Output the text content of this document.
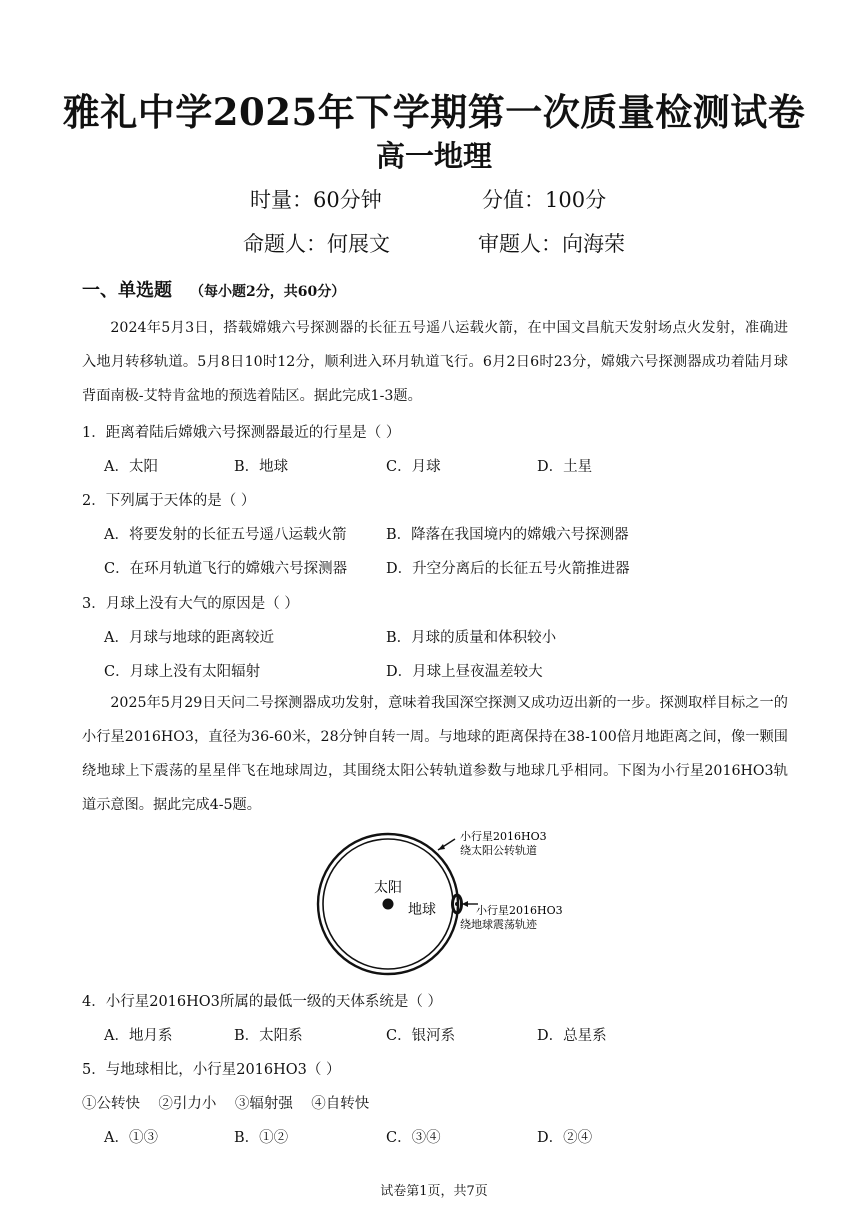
雅礼中学2025年下学期第一次质量检测试卷
高一地理
时量：60分钟	分值：100分
命题人：何展文	审题人：向海荣
一、单选题 （每小题2分，共60分）
2024年5月3日，搭载嫦娥六号探测器的长征五号遥八运载火箭，在中国文昌航天发射场点火发射，准确进入地月转移轨道。5月8日10时12分，顺利进入环月轨道飞行。6月2日6时23分，嫦娥六号探测器成功着陆月球背面南极-艾特肯盆地的预选着陆区。据此完成1-3题。
1．距离着陆后嫦娥六号探测器最近的行星是（ ）
A．太阳	B．地球	C．月球	D．土星
2．下列属于天体的是（ ）
A．将要发射的长征五号遥八运载火箭	B．降落在我国境内的嫦娥六号探测器
C．在环月轨道飞行的嫦娥六号探测器	D．升空分离后的长征五号火箭推进器
3．月球上没有大气的原因是（ ）
A．月球与地球的距离较近	B．月球的质量和体积较小
C．月球上没有太阳辐射	D．月球上昼夜温差较大
2025年5月29日天问二号探测器成功发射，意味着我国深空探测又成功迈出新的一步。探测取样目标之一的小行星2016HO3，直径为36-60米，28分钟自转一周。与地球的距离保持在38-100倍月地距离之间，像一颗围绕地球上下震荡的星星伴飞在地球周边，其围绕太阳公转轨道参数与地球几乎相同。下图为小行星2016HO3轨道示意图。据此完成4-5题。
太阳
地球
小行星2016HO3
绕太阳公转轨道
小行星2016HO3
绕地球震荡轨迹
4．小行星2016HO3所属的最低一级的天体系统是（ ）
A．地月系	B．太阳系	C．银河系	D．总星系
5．与地球相比，小行星2016HO3（ ）
①公转快    ②引力小    ③辐射强    ④自转快
A．①③	B．①②	C．③④	D．②④
试卷第1页，共7页
